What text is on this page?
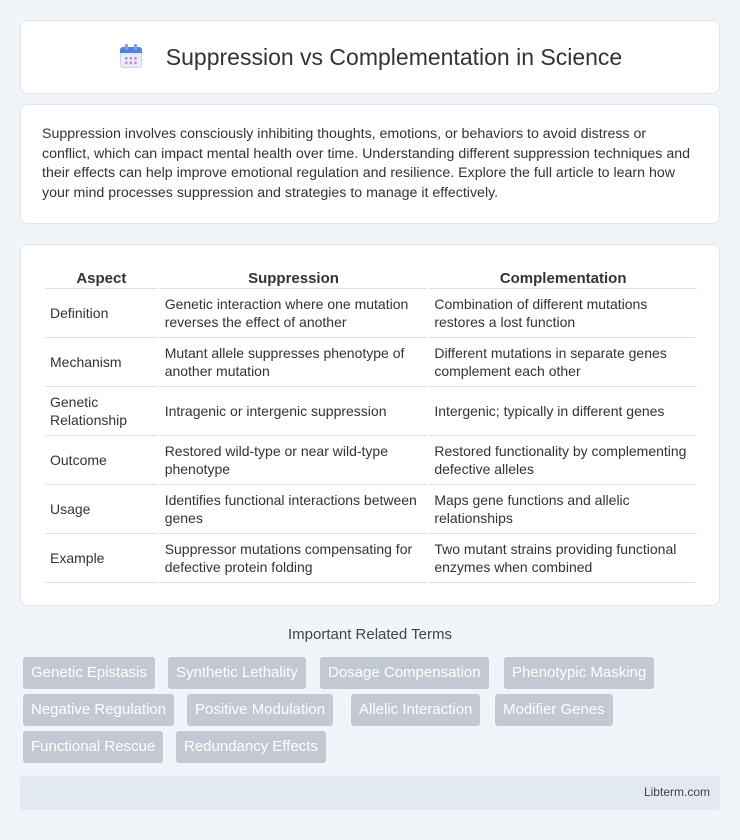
Suppression vs Complementation in Science

Suppression involves consciously inhibiting thoughts, emotions, or behaviors to avoid distress or conflict, which can impact mental health over time. Understanding different suppression techniques and their effects can help improve emotional regulation and resilience. Explore the full article to learn how your mind processes suppression and strategies to manage it effectively.

Aspect	Suppression	Complementation
Definition	Genetic interaction where one mutation reverses the effect of another	Combination of different mutations restores a lost function
Mechanism	Mutant allele suppresses phenotype of another mutation	Different mutations in separate genes complement each other
Genetic Relationship	Intragenic or intergenic suppression	Intergenic; typically in different genes
Outcome	Restored wild-type or near wild-type phenotype	Restored functionality by complementing defective alleles
Usage	Identifies functional interactions between genes	Maps gene functions and allelic relationships
Example	Suppressor mutations compensating for defective protein folding	Two mutant strains providing functional enzymes when combined
Important Related Terms
Genetic Epistasis	Synthetic Lethality	Dosage Compensation	Phenotypic Masking
Negative Regulation	Positive Modulation	Allelic Interaction	Modifier Genes
Functional Rescue	Redundancy Effects
Libterm.com
